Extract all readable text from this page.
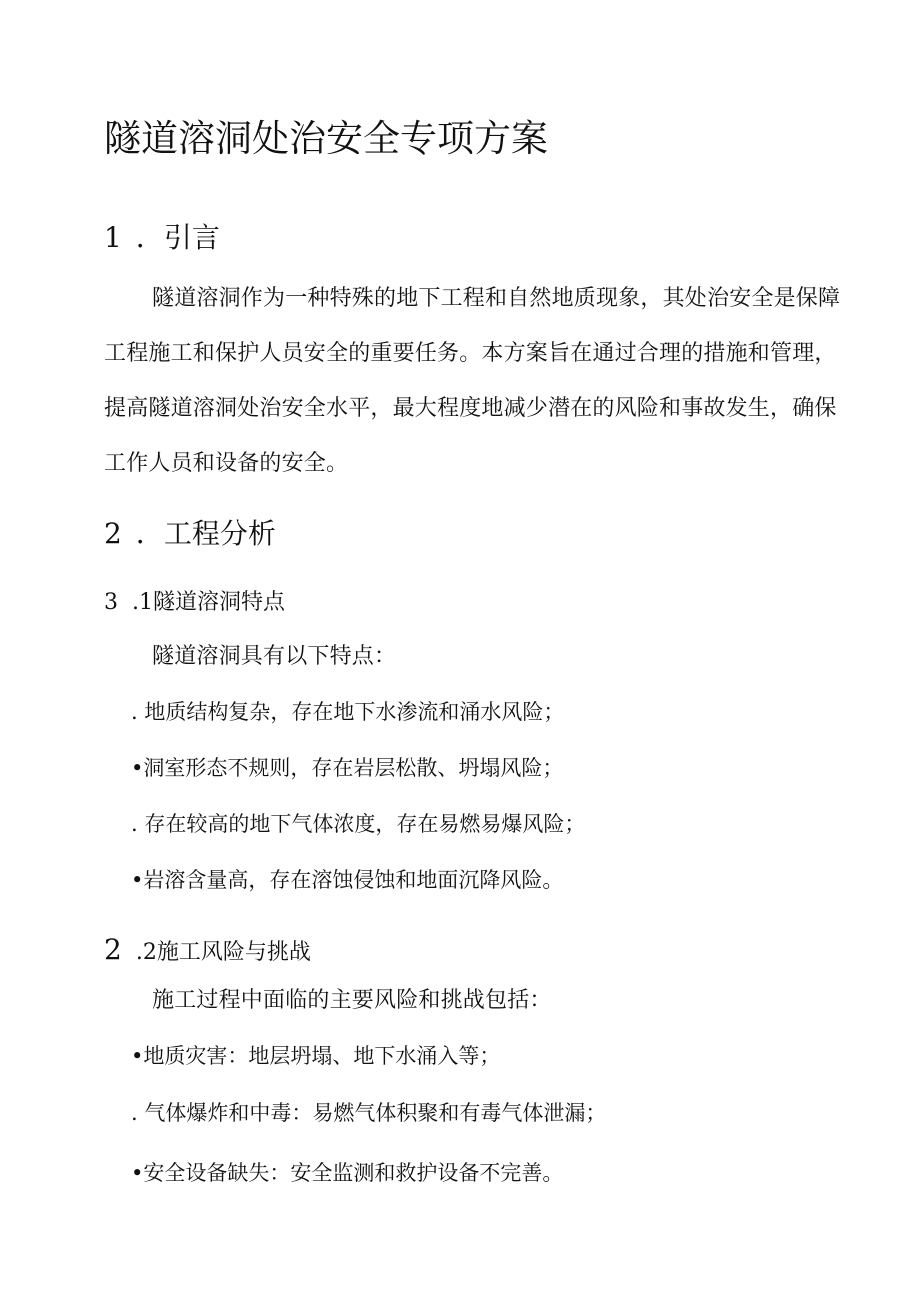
隧道溶洞处治安全专项方案
1 ．引言
隧道溶洞作为一种特殊的地下工程和自然地质现象，其处治安全是保障
工程施工和保护人员安全的重要任务。本方案旨在通过合理的措施和管理，
提高隧道溶洞处治安全水平，最大程度地减少潜在的风险和事故发生，确保
工作人员和设备的安全。
2 ．工程分析
3 .1隧道溶洞特点
隧道溶洞具有以下特点：
. 地质结构复杂，存在地下水渗流和涌水风险；
•洞室形态不规则，存在岩层松散、坍塌风险；
. 存在较高的地下气体浓度，存在易燃易爆风险；
•岩溶含量高，存在溶蚀侵蚀和地面沉降风险。
2 .2施工风险与挑战
施工过程中面临的主要风险和挑战包括：
•地质灾害：地层坍塌、地下水涌入等；
. 气体爆炸和中毒：易燃气体积聚和有毒气体泄漏；
•安全设备缺失：安全监测和救护设备不完善。
